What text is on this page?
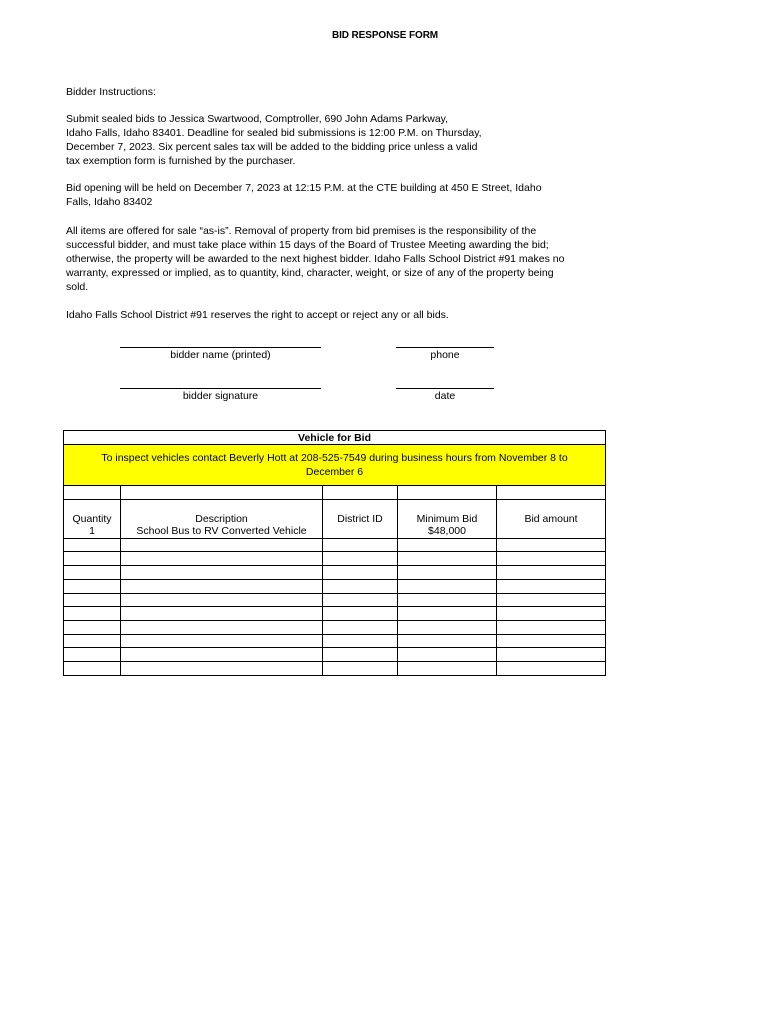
BID RESPONSE FORM
Bidder Instructions:
Submit sealed bids to Jessica Swartwood, Comptroller, 690 John Adams Parkway,
Idaho Falls, Idaho 83401. Deadline for sealed bid submissions is 12:00 P.M. on Thursday,
December 7, 2023. Six percent sales tax will be added to the bidding price unless a valid
tax exemption form is furnished by the purchaser.
Bid opening will be held on December 7, 2023 at 12:15 P.M. at the CTE building at 450 E Street, Idaho
Falls, Idaho 83402
All items are offered for sale “as-is”. Removal of property from bid premises is the responsibility of the
successful bidder, and must take place within 15 days of the Board of Trustee Meeting awarding the bid;
otherwise, the property will be awarded to the next highest bidder. Idaho Falls School District #91 makes no
warranty, expressed or implied, as to quantity, kind, character, weight, or size of any of the property being
sold.
Idaho Falls School District #91 reserves the right to accept or reject any or all bids.
bidder name (printed)	phone
bidder signature	date
Vehicle for Bid				
To inspect vehicles contact Beverly Hott at 208-525-7549 during business hours from November 8 to December 6				

Quantity	Description	District ID	Minimum Bid	Bid amount
1	School Bus to RV Converted Vehicle		$48,000	
